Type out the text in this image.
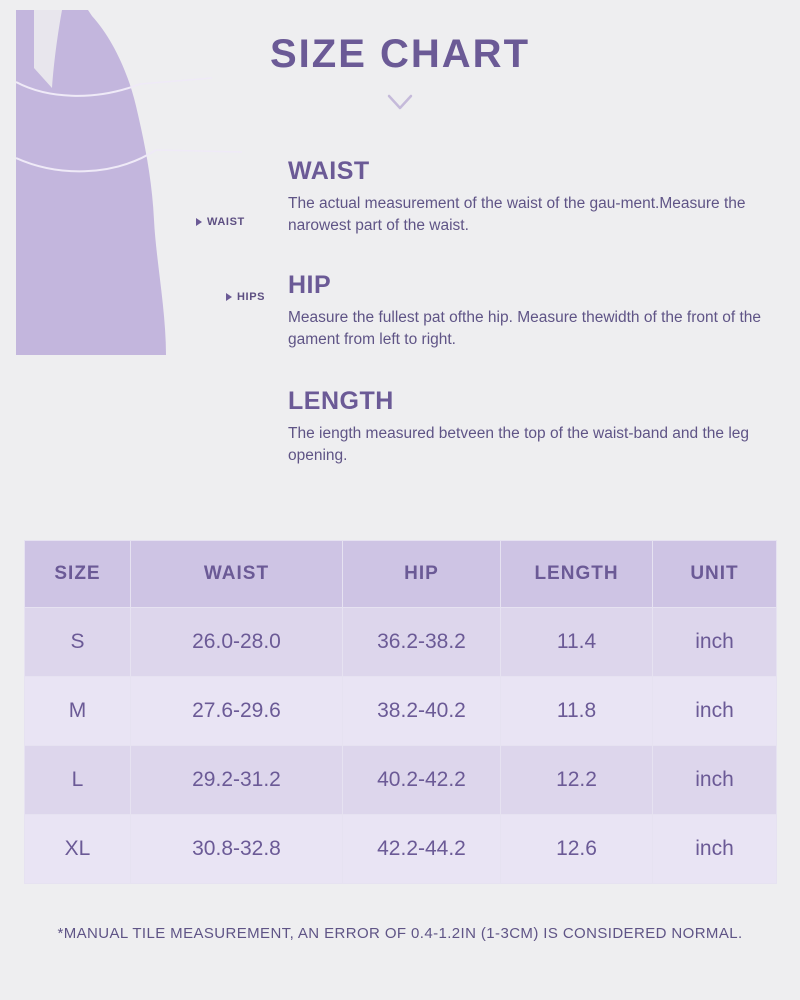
SIZE CHART
WAIST
HIPS
WAIST

The actual measurement of the waist of the gau-ment.Measure the narowest part of the waist.

HIP

Measure the fullest pat ofthe hip. Measure thewidth of the front of the gament from left to right.

LENGTH

The iength measured betveen the top of the waist-band and the leg opening.

SIZE	WAIST	HIP	LENGTH	UNIT
S	26.0-28.0	36.2-38.2	11.4	inch
M	27.6-29.6	38.2-40.2	11.8	inch
L	29.2-31.2	40.2-42.2	12.2	inch
XL	30.8-32.8	42.2-44.2	12.6	inch
*MANUAL TILE MEASUREMENT, AN ERROR OF 0.4-1.2IN (1-3CM) IS CONSIDERED NORMAL.
